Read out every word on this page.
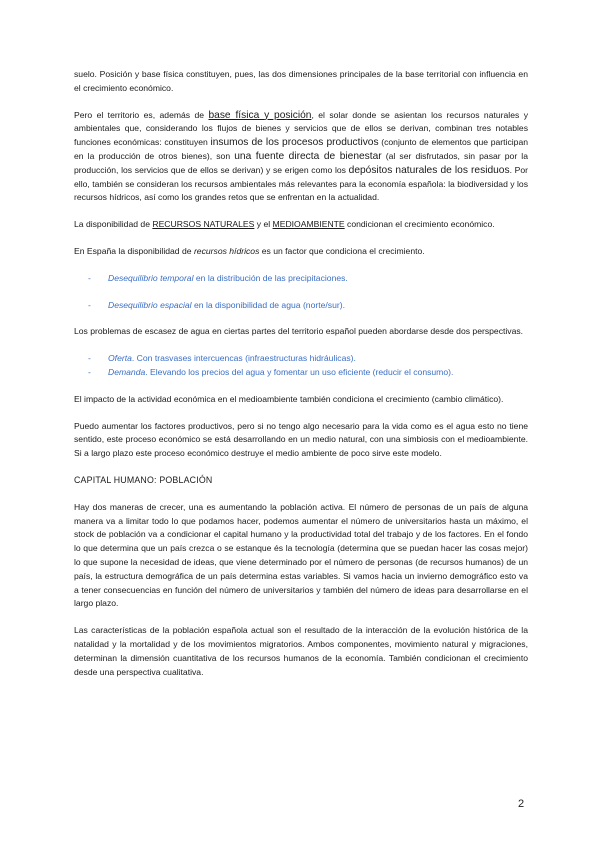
suelo. Posición y base física constituyen, pues, las dos dimensiones principales de la base territorial con influencia en el crecimiento económico.

Pero el territorio es, además de base física y posición, el solar donde se asientan los recursos naturales y ambientales que, considerando los flujos de bienes y servicios que de ellos se derivan, combinan tres notables funciones económicas: constituyen insumos de los procesos productivos (conjunto de elementos que participan en la producción de otros bienes), son una fuente directa de bienestar (al ser disfrutados, sin pasar por la producción, los servicios que de ellos se derivan) y se erigen como los depósitos naturales de los residuos. Por ello, también se consideran los recursos ambientales más relevantes para la economía española: la biodiversidad y los recursos hídricos, así como los grandes retos que se enfrentan en la actualidad.

La disponibilidad de RECURSOS NATURALES y el MEDIOAMBIENTE condicionan el crecimiento económico.

En España la disponibilidad de recursos hídricos es un factor que condiciona el crecimiento.

- Desequilibrio temporal en la distribución de las precipitaciones.
- Desequilibrio espacial en la disponibilidad de agua (norte/sur).

Los problemas de escasez de agua en ciertas partes del territorio español pueden abordarse desde dos perspectivas.

- Oferta. Con trasvases intercuencas (infraestructuras hidráulicas).
- Demanda. Elevando los precios del agua y fomentar un uso eficiente (reducir el consumo).

El impacto de la actividad económica en el medioambiente también condiciona el crecimiento (cambio climático).

Puedo aumentar los factores productivos, pero si no tengo algo necesario para la vida como es el agua esto no tiene sentido, este proceso económico se está desarrollando en un medio natural, con una simbiosis con el medioambiente. Si a largo plazo este proceso económico destruye el medio ambiente de poco sirve este modelo.

CAPITAL HUMANO: POBLACIÓN

Hay dos maneras de crecer, una es aumentando la población activa. El número de personas de un país de alguna manera va a limitar todo lo que podamos hacer, podemos aumentar el número de universitarios hasta un máximo, el stock de población va a condicionar el capital humano y la productividad total del trabajo y de los factores. En el fondo lo que determina que un país crezca o se estanque és la tecnología (determina que se puedan hacer las cosas mejor) lo que supone la necesidad de ideas, que viene determinado por el número de personas (de recursos humanos) de un país, la estructura demográfica de un país determina estas variables. Si vamos hacia un invierno demográfico esto va a tener consecuencias en función del número de universitarios y también del número de ideas para desarrollarse en el largo plazo.

Las características de la población española actual son el resultado de la interacción de la evolución histórica de la natalidad y la mortalidad y de los movimientos migratorios. Ambos componentes, movimiento natural y migraciones, determinan la dimensión cuantitativa de los recursos humanos de la economía. También condicionan el crecimiento desde una perspectiva cualitativa.

2
